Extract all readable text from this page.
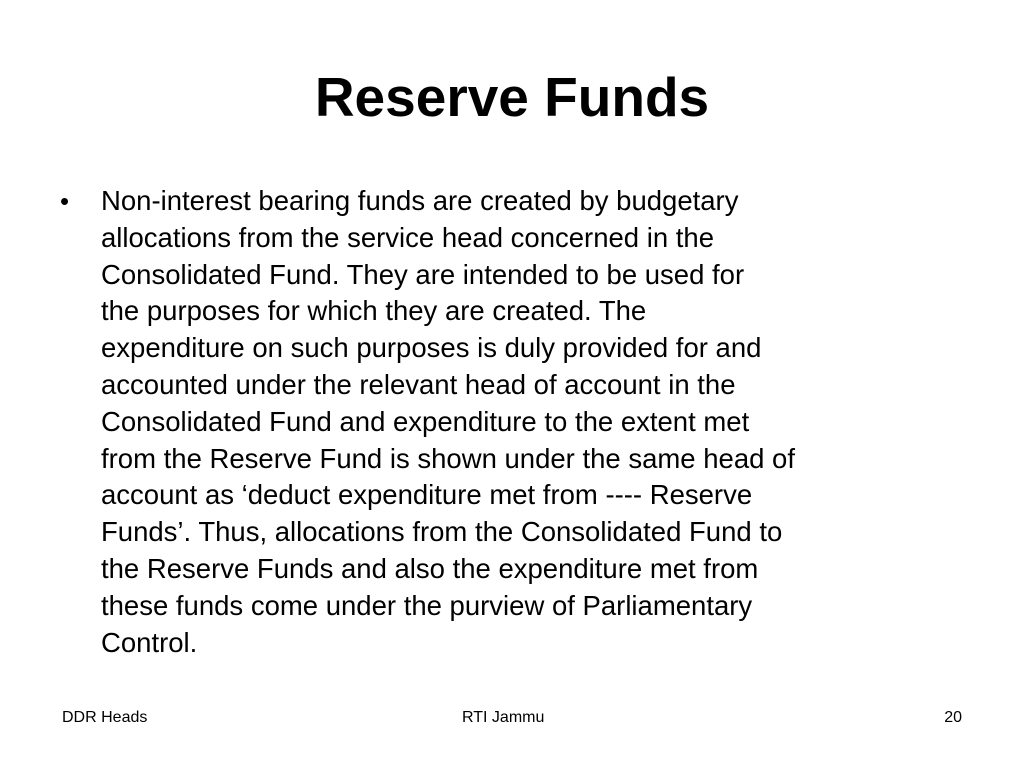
Reserve Funds
•	Non-interest bearing funds are created by budgetary
allocations from the service head concerned in the
Consolidated Fund. They are intended to be used for
the purposes for which they are created. The
expenditure on such purposes is duly provided for and
accounted under the relevant head of account in the
Consolidated Fund and expenditure to the extent met
from the Reserve Fund is shown under the same head of
account as ‘deduct expenditure met from ---- Reserve
Funds’. Thus, allocations from the Consolidated Fund to
the Reserve Funds and also the expenditure met from
these funds come under the purview of Parliamentary
Control.
DDR Heads	RTI Jammu	20
